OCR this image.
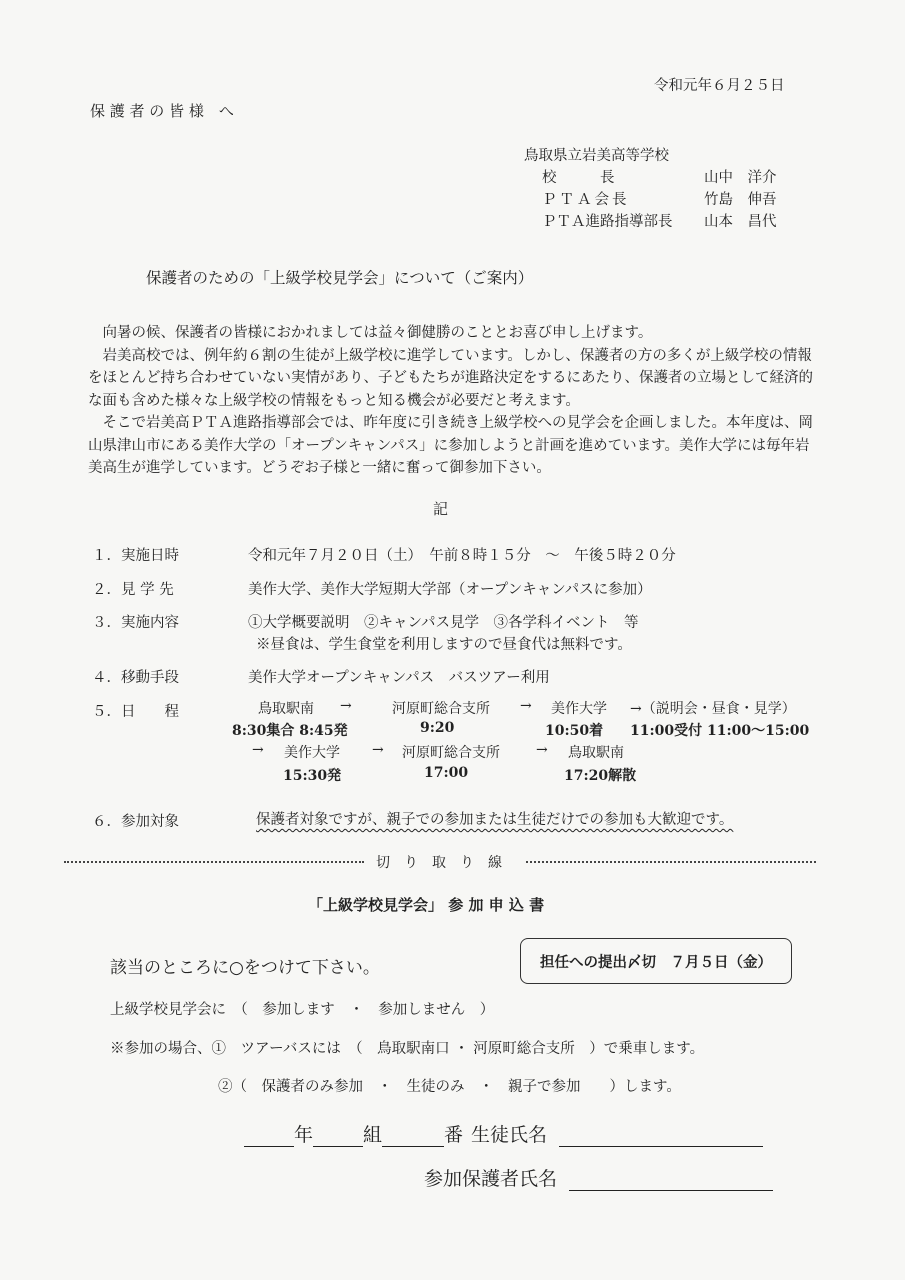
令和元年６月２５日
保 護 者 の 皆 様　へ
鳥取県立岩美高等学校
校　　　長	山中　洋介
ＰＴＡ会長	竹島　伸吾
ＰＴＡ進路指導部長 山本　昌代
保護者のための「上級学校見学会」について（ご案内）

向暑の候、保護者の皆様におかれましては益々御健勝のこととお喜び申し上げます。

岩美高校では、例年約６割の生徒が上級学校に進学しています。しかし、保護者の方の多くが上級学校の情報をほとんど持ち合わせていない実情があり、子どもたちが進路決定をするにあたり、保護者の立場として経済的な面も含めた様々な上級学校の情報をもっと知る機会が必要だと考えます。

そこで岩美高ＰＴＡ進路指導部会では、昨年度に引き続き上級学校への見学会を企画しました。本年度は、岡山県津山市にある美作大学の「オープンキャンパス」に参加しようと計画を進めています。美作大学には毎年岩美高生が進学しています。どうぞお子様と一緒に奮って御参加下さい。

記
１．実施日時	令和元年７月２０日（土）　午前８時１５分　～　午後５時２０分
２．見 学 先	美作大学、美作大学短期大学部（オープンキャンパスに参加）
３．実施内容	①大学概要説明　②キャンパス見学　③各学科イベント　等
※昼食は、学生食堂を利用しますので昼食代は無料です。
４．移動手段	美作大学オープンキャンパス　バスツアー利用
５．日　　程	鳥取駅南 →	河原町総合支所 → 美作大学 →（説明会・昼食・見学）
8:30集合 8:45発	9:20	10:50着 11:00受付 11:00～15:00
→ 美作大学 → 河原町総合支所	→ 鳥取駅南
15:30発	17:00	17:20解散
６．参加対象	保護者対象ですが、親子での参加または生徒だけでの参加も大歓迎です。
切　り　取　り　線
「上級学校見学会」 参 加 申 込 書
該当のところに○をつけて下さい。	担任への提出〆切　７月５日（金）
上級学校見学会に　（　参加します　・　参加しません　）
※参加の場合、①　ツアーバスには　（　鳥取駅南口 ・ 河原町総合支所　）で乗車します。
②（　保護者のみ参加　・　生徒のみ　・　親子で参加　　）します。
年	組	番 生徒氏名
参加保護者氏名
